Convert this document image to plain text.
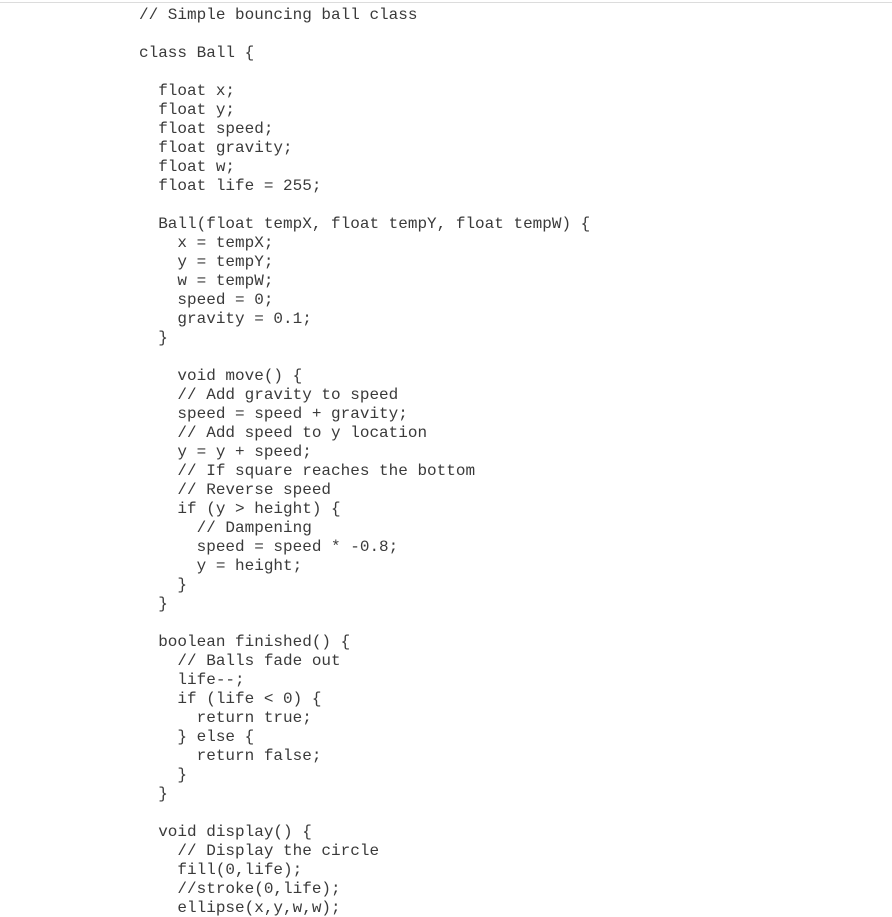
// Simple bouncing ball class
class Ball {
float x;
float y;
float speed;
float gravity;
float w;
float life = 255;
Ball(float tempX, float tempY, float tempW) {
x = tempX;
y = tempY;
w = tempW;
speed = 0;
gravity = 0.1;
}
void move() {
// Add gravity to speed
speed = speed + gravity;
// Add speed to y location
y = y + speed;
// If square reaches the bottom
// Reverse speed
if (y > height) {
// Dampening
speed = speed * -0.8;
y = height;
}
}
boolean finished() {
// Balls fade out
life--;
if (life < 0) {
return true;
} else {
return false;
}
}
void display() {
// Display the circle
fill(0,life);
//stroke(0,life);
ellipse(x,y,w,w);
